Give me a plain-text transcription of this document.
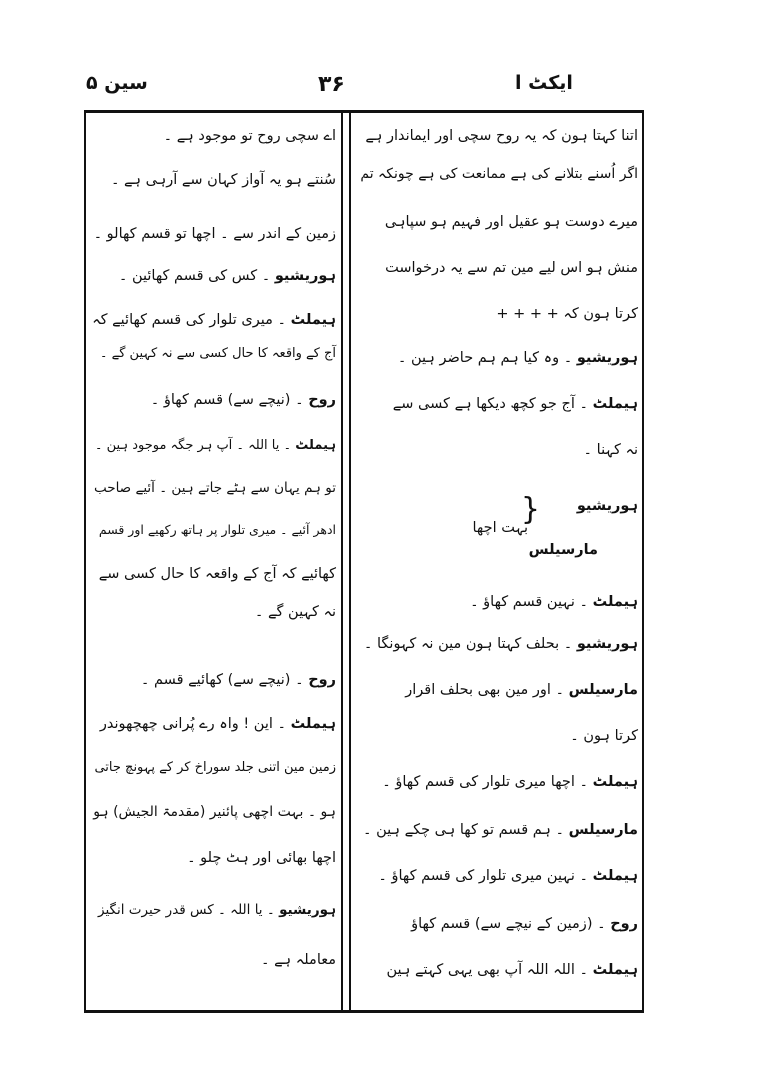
ایکٹ ا
۳۶
سین ۵
اتنا کہتا ہون کہ یہ روح سچی اور ایماندار ہے
اگر اُسنے بتلانے کی ہے ممانعت کی ہے چونکہ تم
میرے دوست ہو عقیل اور فہیم ہو سپاہی
منش ہو اس لیے مین تم سے یہ درخواست
کرتا ہون کہ + + + +
ہوریشیو ۔ وہ کیا ہم ہم حاضر ہین ۔
ہیملٹ ۔ آج جو کچھ دیکھا ہے کسی سے
نہ کہنا ۔
بہت اچھا
{	ہوریشیو
مارسیلس
ہیملٹ ۔ نہین قسم کھاؤ ۔
ہوریشیو ۔ بحلف کہتا ہون مین نہ کہونگا ۔
مارسیلس ۔ اور مین بھی بحلف اقرار
کرتا ہون ۔
ہیملٹ ۔ اچھا میری تلوار کی قسم کھاؤ ۔
مارسیلس ۔ ہم قسم تو کھا ہی چکے ہین ۔
ہیملٹ ۔ نہین میری تلوار کی قسم کھاؤ ۔
روح ۔ (زمین کے نیچے سے) قسم کھاؤ
ہیملٹ ۔ اللہ اللہ آپ بھی یہی کہتے ہین
اے سچی روح تو موجود ہے ۔
سُنتے ہو یہ آواز کہان سے آرہی ہے ۔
زمین کے اندر سے ۔ اچھا تو قسم کھالو ۔
ہوریشیو ۔ کس کی قسم کھائین ۔
ہیملٹ ۔ میری تلوار کی قسم کھائیے کہ
آج کے واقعہ کا حال کسی سے نہ کہین گے ۔
روح ۔ (نیچے سے) قسم کھاؤ ۔
ہیملٹ ۔ یا اللہ ۔ آپ ہر جگہ موجود ہین ۔
تو ہم یہان سے ہٹے جاتے ہین ۔ آئیے صاحب
ادھر آئیے ۔ میری تلوار پر ہاتھ رکھیے اور قسم
کھائیے کہ آج کے واقعہ کا حال کسی سے
نہ کہین گے ۔
روح ۔ (نیچے سے) کھائیے قسم ۔
ہیملٹ ۔ این ! واہ رے پُرانی چھچھوندر
زمین مین اتنی جلد سوراخ کر کے پہونچ جاتی
ہو ۔ بہت اچھی پائنیر (مقدمۃ الجیش) ہو
اچھا بھائی اور ہٹ چلو ۔
ہوریشیو ۔ یا اللہ ۔ کس قدر حیرت انگیز
معاملہ ہے ۔
